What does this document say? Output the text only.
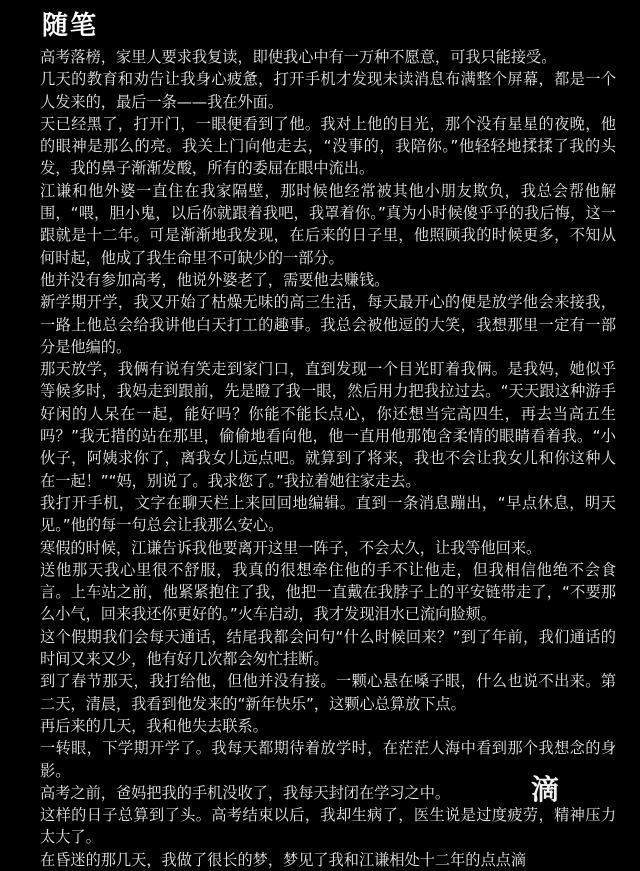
随笔

高考落榜，家里人要求我复读，即使我心中有一万种不愿意，可我只能接受。

几天的教育和劝告让我身心疲惫，打开手机才发现未读消息布满整个屏幕，都是一个人发来的，最后一条——我在外面。

天已经黑了，打开门，一眼便看到了他。我对上他的目光，那个没有星星的夜晚，他的眼神是那么的亮。我关上门向他走去，“没事的，我陪你。”他轻轻地揉揉了我的头发，我的鼻子渐渐发酸，所有的委屈在眼中流出。

江谦和他外婆一直住在我家隔壁，那时候他经常被其他小朋友欺负，我总会帮他解围，“喂，胆小鬼，以后你就跟着我吧，我罩着你。”真为小时候傻乎乎的我后悔，这一跟就是十二年。可是渐渐地我发现，在后来的日子里，他照顾我的时候更多，不知从何时起，他成了我生命里不可缺少的一部分。

他并没有参加高考，他说外婆老了，需要他去赚钱。

新学期开学，我又开始了枯燥无味的高三生活，每天最开心的便是放学他会来接我，一路上他总会给我讲他白天打工的趣事。我总会被他逗的大笑，我想那里一定有一部分是他编的。

那天放学，我俩有说有笑走到家门口，直到发现一个目光盯着我俩。是我妈，她似乎等候多时，我妈走到跟前，先是瞪了我一眼，然后用力把我拉过去。“天天跟这种游手好闲的人呆在一起，能好吗？你能不能长点心，你还想当完高四生，再去当高五生吗？”我无措的站在那里，偷偷地看向他，他一直用他那饱含柔情的眼睛看着我。“小伙子，阿姨求你了，离我女儿远点吧。就算到了将来，我也不会让我女儿和你这种人在一起！”“妈，别说了。我求您了。”我拉着她往家走去。

我打开手机，文字在聊天栏上来回回地编辑。直到一条消息蹦出，“早点休息，明天见。”他的每一句总会让我那么安心。

寒假的时候，江谦告诉我他要离开这里一阵子，不会太久，让我等他回来。

送他那天我心里很不舒服，我真的很想牵住他的手不让他走，但我相信他绝不会食言。上车站之前，他紧紧抱住了我，他把一直戴在我脖子上的平安链带走了，“不要那么小气，回来我还你更好的。”火车启动，我才发现泪水已流向脸颊。

这个假期我们会每天通话，结尾我都会问句“什么时候回来？”到了年前，我们通话的时间又来又少，他有好几次都会匆忙挂断。

到了春节那天，我打给他，但他并没有接。一颗心悬在嗓子眼，什么也说不出来。第二天，清晨，我看到他发来的“新年快乐”，这颗心总算放下点。

再后来的几天，我和他失去联系。

一转眼，下学期开学了。我每天都期待着放学时，在茫茫人海中看到那个我想念的身影。

高考之前，爸妈把我的手机没收了，我每天封闭在学习之中。

这样的日子总算到了头。高考结束以后，我却生病了，医生说是过度疲劳，精神压力太大了。

在昏迷的那几天，我做了很长的梦，梦见了我和江谦相处十二年的点点滴

滴
